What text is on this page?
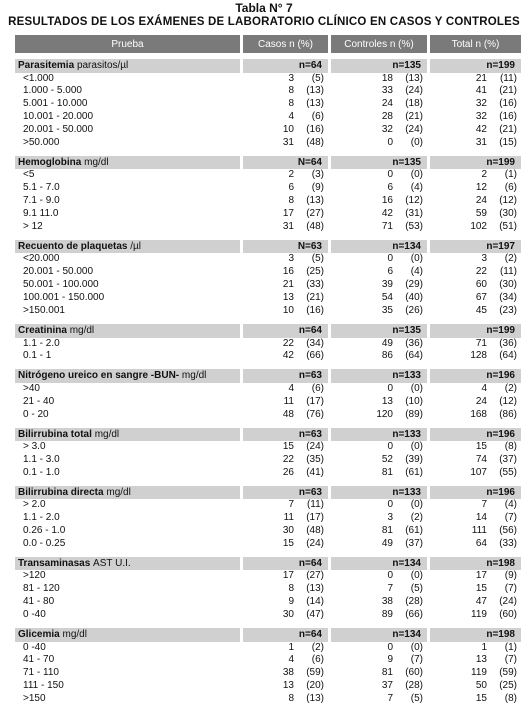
Tabla N° 7
RESULTADOS DE LOS EXÁMENES DE LABORATORIO CLÍNICO EN CASOS Y CONTROLES
Prueba	Casos n (%)	Controles n (%)	Total n (%)
Parasitemia parasitos/µl	n=64	n=135	n=199
<1.000	3 (5)	18 (13)	21 (11)
1.000 - 5.000	8 (13)	33 (24)	41 (21)
5.001 - 10.000	8 (13)	24 (18)	32 (16)
10.001 - 20.000	4 (6)	28 (21)	32 (16)
20.001 - 50.000	10 (16)	32 (24)	42 (21)
>50.000	31 (48)	0 (0)	31 (15)
Hemoglobina mg/dl	N=64	n=135	n=199
<5	2 (3)	0 (0)	2 (1)
5.1 - 7.0	6 (9)	6 (4)	12 (6)
7.1 - 9.0	8 (13)	16 (12)	24 (12)
9.1 11.0	17 (27)	42 (31)	59 (30)
> 12	31 (48)	71 (53)	102 (51)
Recuento de plaquetas /µl	N=63	n=134	n=197
<20.000	3 (5)	0 (0)	3 (2)
20.001 - 50.000	16 (25)	6 (4)	22 (11)
50.001 - 100.000	21 (33)	39 (29)	60 (30)
100.001 - 150.000	13 (21)	54 (40)	67 (34)
>150.001	10 (16)	35 (26)	45 (23)
Creatinina mg/dl	n=64	n=135	n=199
1.1 - 2.0	22 (34)	49 (36)	71 (36)
0.1 - 1	42 (66)	86 (64)	128 (64)
Nitrógeno ureico en sangre -BUN- mg/dl	n=63	n=133	n=196
>40	4 (6)	0 (0)	4 (2)
21 - 40	11 (17)	13 (10)	24 (12)
0 - 20	48 (76)	120 (89)	168 (86)
Bilirrubina total mg/dl	n=63	n=133	n=196
> 3.0	15 (24)	0 (0)	15 (8)
1.1 - 3.0	22 (35)	52 (39)	74 (37)
0.1 - 1.0	26 (41)	81 (61)	107 (55)
Bilirrubina directa mg/dl	n=63	n=133	n=196
> 2.0	7 (11)	0 (0)	7 (4)
1.1 - 2.0	11 (17)	3 (2)	14 (7)
0.26 - 1.0	30 (48)	81 (61)	111 (56)
0.0 - 0.25	15 (24)	49 (37)	64 (33)
Transaminasas AST U.I.	n=64	n=134	n=198
>120	17 (27)	0 (0)	17 (9)
81 - 120	8 (13)	7 (5)	15 (7)
41 - 80	9 (14)	38 (28)	47 (24)
0 -40	30 (47)	89 (66)	119 (60)
Glicemia mg/dl	n=64	n=134	n=198
0 -40	1 (2)	0 (0)	1 (1)
41 - 70	4 (6)	9 (7)	13 (7)
71 - 110	38 (59)	81 (60)	119 (59)
111 - 150	13 (20)	37 (28)	50 (25)
>150	8 (13)	7 (5)	15 (8)
